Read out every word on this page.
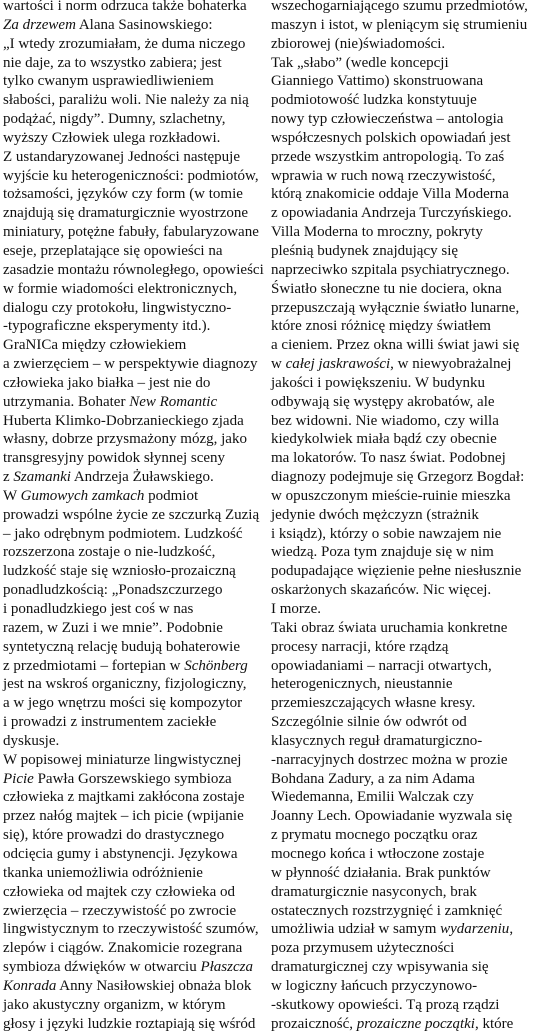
wartości i norm odrzuca także bohaterka
Za drzewem Alana Sasinowskiego:
„I wtedy zrozumiałam, że duma niczego
nie daje, za to wszystko zabiera; jest
tylko cwanym usprawiedliwieniem
słabości, paraliżu woli. Nie należy za nią
podążać, nigdy”. Dumny, szlachetny,
wyższy Człowiek ulega rozkładowi.
Z ustandaryzowanej Jedności następuje
wyjście ku heterogeniczności: podmiotów,
tożsamości, języków czy form (w tomie
znajdują się dramaturgicznie wyostrzone
miniatury, potężne fabuły, fabularyzowane
eseje, przeplatające się opowieści na
zasadzie montażu równoległego, opowieści
w formie wiadomości elektronicznych,
dialogu czy protokołu, lingwistyczno-
-typograficzne eksperymenty itd.).
GraNICa między człowiekiem
a zwierzęciem – w perspektywie diagnozy
człowieka jako białka – jest nie do
utrzymania. Bohater New Romantic
Huberta Klimko-Dobrzanieckiego zjada
własny, dobrze przysmażony mózg, jako
transgresyjny powidok słynnej sceny
z Szamanki Andrzeja Żuławskiego.
W Gumowych zamkach podmiot
prowadzi wspólne życie ze szczurką Zuzią
– jako odrębnym podmiotem. Ludzkość
rozszerzona zostaje o nie-ludzkość,
ludzkość staje się wzniosło-prozaiczną
ponadludzkością: „Ponadszczurzego
i ponadludzkiego jest coś w nas
razem, w Zuzi i we mnie”. Podobnie
syntetyczną relację budują bohaterowie
z przedmiotami – fortepian w Schönberg
jest na wskroś organiczny, fizjologiczny,
a w jego wnętrzu mości się kompozytor
i prowadzi z instrumentem zaciekłe
dyskusje.
W popisowej miniaturze lingwistycznej
Picie Pawła Gorszewskiego symbioza
człowieka z majtkami zakłócona zostaje
przez nałóg majtek – ich picie (wpijanie
się), które prowadzi do drastycznego
odcięcia gumy i abstynencji. Językowa
tkanka uniemożliwia odróżnienie
człowieka od majtek czy człowieka od
zwierzęcia – rzeczywistość po zwrocie
lingwistycznym to rzeczywistość szumów,
zlepów i ciągów. Znakomicie rozegrana
symbioza dźwięków w otwarciu Płaszcza
Konrada Anny Nasiłowskiej obnaża blok
jako akustyczny organizm, w którym
głosy i języki ludzkie roztapiają się wśród
wszechogarniającego szumu przedmiotów,
maszyn i istot, w pleniącym się strumieniu
zbiorowej (nie)świadomości.
Tak „słabo” (wedle koncepcji
Gianniego Vattimo) skonstruowana
podmiotowość ludzka konstytuuje
nowy typ człowieczeństwa – antologia
współczesnych polskich opowiadań jest
przede wszystkim antropologią. To zaś
wprawia w ruch nową rzeczywistość,
którą znakomicie oddaje Villa Moderna
z opowiadania Andrzeja Turczyńskiego.
Villa Moderna to mroczny, pokryty
pleśnią budynek znajdujący się
naprzeciwko szpitala psychiatrycznego.
Światło słoneczne tu nie dociera, okna
przepuszczają wyłącznie światło lunarne,
które znosi różnicę między światłem
a cieniem. Przez okna willi świat jawi się
w całej jaskrawości, w niewyobrażalnej
jakości i powiększeniu. W budynku
odbywają się występy akrobatów, ale
bez widowni. Nie wiadomo, czy willa
kiedykolwiek miała bądź czy obecnie
ma lokatorów. To nasz świat. Podobnej
diagnozy podejmuje się Grzegorz Bogdał:
w opuszczonym mieście-ruinie mieszka
jedynie dwóch mężczyzn (strażnik
i ksiądz), którzy o sobie nawzajem nie
wiedzą. Poza tym znajduje się w nim
podupadające więzienie pełne niesłusznie
oskarżonych skazańców. Nic więcej.
I morze.
Taki obraz świata uruchamia konkretne
procesy narracji, które rządzą
opowiadaniami – narracji otwartych,
heterogenicznych, nieustannie
przemieszczających własne kresy.
Szczególnie silnie ów odwrót od
klasycznych reguł dramaturgiczno-
-narracyjnych dostrzec można w prozie
Bohdana Zadury, a za nim Adama
Wiedemanna, Emilii Walczak czy
Joanny Lech. Opowiadanie wyzwala się
z prymatu mocnego początku oraz
mocnego końca i wtłoczone zostaje
w płynność działania. Brak punktów
dramaturgicznie nasyconych, brak
ostatecznych rozstrzygnięć i zamknięć
umożliwia udział w samym wydarzeniu,
poza przymusem użyteczności
dramaturgicznej czy wpisywania się
w logiczny łańcuch przyczynowo-
-skutkowy opowieści. Tą prozą rządzi
prozaiczność, prozaiczne początki, które
